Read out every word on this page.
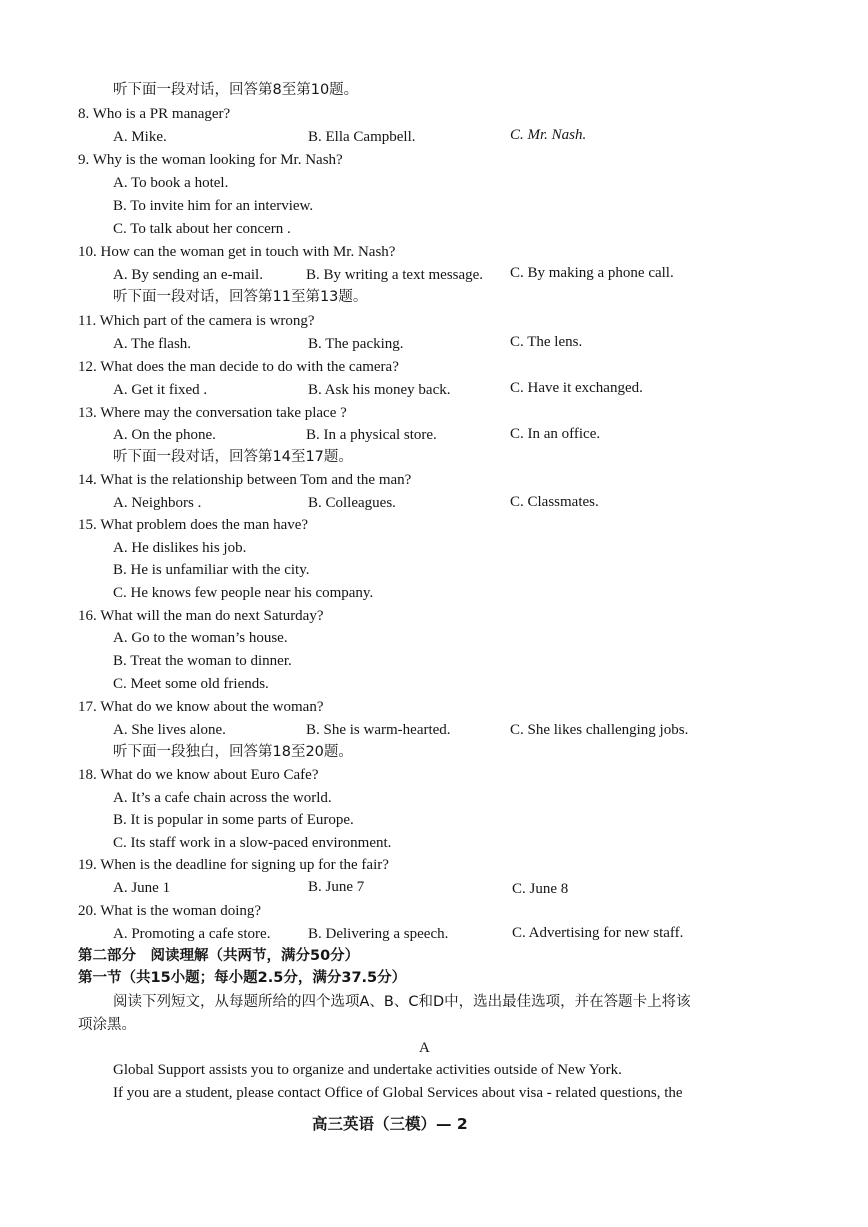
听下面一段对话，回答第8至第10题。
8. Who is a PR manager?
A. Mike.	B. Ella Campbell.	C. Mr. Nash.
9. Why is the woman looking for Mr. Nash?
A. To book a hotel.
B. To invite him for an interview.
C. To talk about her concern .
10. How can the woman get in touch with Mr. Nash?
A. By sending an e-mail.	B. By writing a text message. C. By making a phone call.
听下面一段对话，回答第11至第13题。
11. Which part of the camera is wrong?
A. The flash.	B. The packing.	C. The lens.
12. What does the man decide to do with the camera?
A. Get it fixed .	B. Ask his money back.	C. Have it exchanged.
13. Where may the conversation take place ?
A. On the phone.	B. In a physical store.	C. In an office.
听下面一段对话，回答第14至17题。
14. What is the relationship between Tom and the man?
A. Neighbors .	B. Colleagues.	C. Classmates.
15. What problem does the man have?
A. He dislikes his job.
B. He is unfamiliar with the city.
C. He knows few people near his company.
16. What will the man do next Saturday?
A. Go to the woman’s house.
B. Treat the woman to dinner.
C. Meet some old friends.
17. What do we know about the woman?
A. She lives alone.	B. She is warm-hearted.	C. She likes challenging jobs.
听下面一段独白，回答第18至20题。
18. What do we know about Euro Cafe?
A. It’s a cafe chain across the world.
B. It is popular in some parts of Europe.
C. Its staff work in a slow-paced environment.
19. When is the deadline for signing up for the fair?
A. June 1	B. June 7	C. June 8
20. What is the woman doing?
A. Promoting a cafe store.	B. Delivering a speech.	C. Advertising for new staff.
第二部分　阅读理解（共两节，满分50分）
第一节（共15小题；每小题2.5分，满分37.5分）
阅读下列短文，从每题所给的四个选项A、B、C和D中，选出最佳选项，并在答题卡上将该
项涂黑。
A
Global Support assists you to organize and undertake activities outside of New York.
If you are a student, please contact Office of Global Services about visa - related questions, the
高三英语（三模）— 2
